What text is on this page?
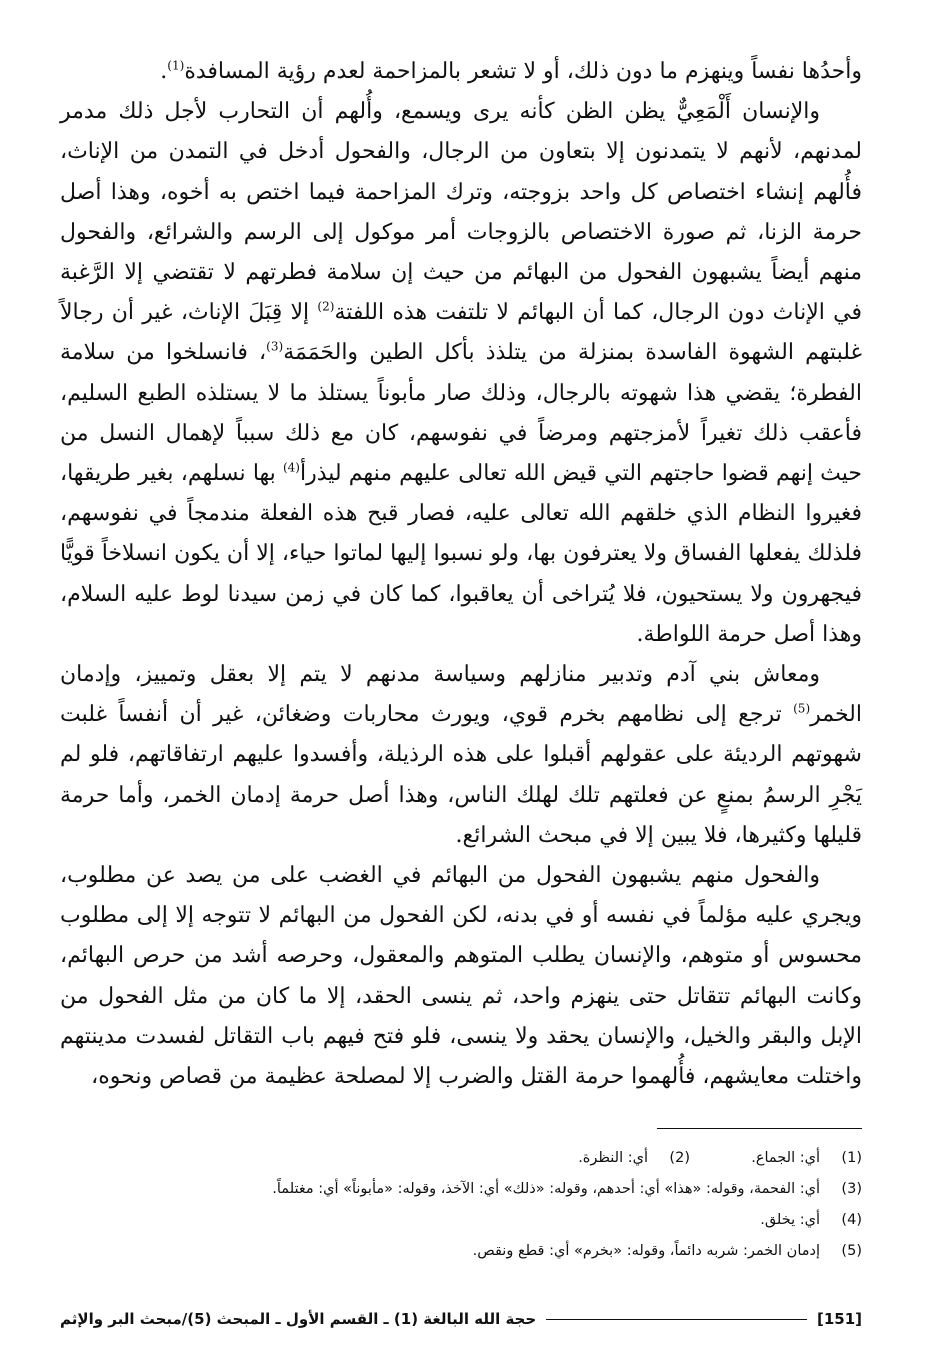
وأحدُها نفساً وينهزم ما دون ذلك، أو لا تشعر بالمزاحمة لعدم رؤية المسافدة$^{(1)}$.

والإنسان أَلْمَعِيٌّ يظن الظن كأنه يرى ويسمع، وأُلهم أن التحارب لأجل ذلك مدمر لمدنهم، لأنهم لا يتمدنون إلا بتعاون من الرجال، والفحول أدخل في التمدن من الإناث، فأُلهم إنشاء اختصاص كل واحد بزوجته، وترك المزاحمة فيما اختص به أخوه، وهذا أصل حرمة الزنا، ثم صورة الاختصاص بالزوجات أمر موكول إلى الرسم والشرائع، والفحول منهم أيضاً يشبهون الفحول من البهائم من حيث إن سلامة فطرتهم لا تقتضي إلا الرَّغبة في الإناث دون الرجال، كما أن البهائم لا تلتفت هذه اللفتة$^{(2)}$ إلا قِبَلَ الإناث، غير أن رجالاً غلبتهم الشهوة الفاسدة بمنزلة من يتلذذ بأكل الطين والحَمَمَة$^{(3)}$، فانسلخوا من سلامة الفطرة؛ يقضي هذا شهوته بالرجال، وذلك صار مأبوناً يستلذ ما لا يستلذه الطبع السليم، فأعقب ذلك تغيراً لأمزجتهم ومرضاً في نفوسهم، كان مع ذلك سبباً لإهمال النسل من حيث إنهم قضوا حاجتهم التي قيض الله تعالى عليهم منهم ليذرأ$^{(4)}$ بها نسلهم، بغير طريقها، فغيروا النظام الذي خلقهم الله تعالى عليه، فصار قبح هذه الفعلة مندمجاً في نفوسهم، فلذلك يفعلها الفساق ولا يعترفون بها، ولو نسبوا إليها لماتوا حياء، إلا أن يكون انسلاخاً قويًّا فيجهرون ولا يستحيون، فلا يُتراخى أن يعاقبوا، كما كان في زمن سيدنا لوط عليه السلام، وهذا أصل حرمة اللواطة.

ومعاش بني آدم وتدبير منازلهم وسياسة مدنهم لا يتم إلا بعقل وتمييز، وإدمان الخمر$^{(5)}$ ترجع إلى نظامهم بخرم قوي، ويورث محاربات وضغائن، غير أن أنفساً غلبت شهوتهم الرديئة على عقولهم أقبلوا على هذه الرذيلة، وأفسدوا عليهم ارتفاقاتهم، فلو لم يَجْرِ الرسمُ بمنعٍ عن فعلتهم تلك لهلك الناس، وهذا أصل حرمة إدمان الخمر، وأما حرمة قليلها وكثيرها، فلا يبين إلا في مبحث الشرائع.

والفحول منهم يشبهون الفحول من البهائم في الغضب على من يصد عن مطلوب، ويجري عليه مؤلماً في نفسه أو في بدنه، لكن الفحول من البهائم لا تتوجه إلا إلى مطلوب محسوس أو متوهم، والإنسان يطلب المتوهم والمعقول، وحرصه أشد من حرص البهائم، وكانت البهائم تتقاتل حتى ينهزم واحد، ثم ينسى الحقد، إلا ما كان من مثل الفحول من الإبل والبقر والخيل، والإنسان يحقد ولا ينسى، فلو فتح فيهم باب التقاتل لفسدت مدينتهم واختلت معايشهم، فأُلهموا حرمة القتل والضرب إلا لمصلحة عظيمة من قصاص ونحوه،

(1)أي: الجماع.(2)أي: النظرة.
(3)أي: الفحمة، وقوله: «هذا» أي: أحدهم، وقوله: «ذلك» أي: الآخذ، وقوله: «مأبوناً» أي: مغتلماً.
(4)أي: يخلق.
(5)إدمان الخمر: شربه دائماً، وقوله: «بخرم» أي: قطع ونقص.
[151]
حجة الله البالغة (1) ـ القسم الأول ـ المبحث (5)/مبحث البر والإثم
